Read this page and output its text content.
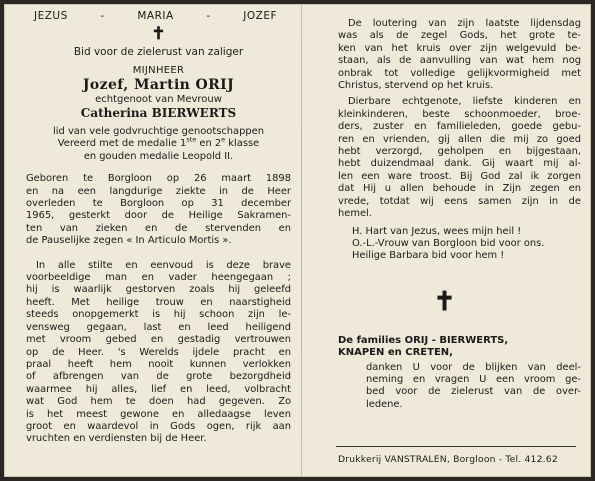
JEZUS	-	MARIA	-	JOZEF
✝
Bid voor de zielerust van zaliger
MIJNHEER
Jozef, Martin ORIJ
echtgenoot van Mevrouw
Catherina BIERWERTS
lid van vele godvruchtige genootschappen
Vereerd met de medalie 1ste en 2e klasse
en gouden medalie Leopold II.
Geboren te Borgloon op 26 maart 1898
en na een langdurige ziekte in de Heer
overleden te Borgloon op 31 december
1965, gesterkt door de Heilige Sakramen-
ten van zieken en de stervenden en
de Pauselijke zegen « In Articulo Mortis ».
In alle stilte en eenvoud is deze brave
voorbeeldige man en vader heengegaan ;
hij is waarlijk gestorven zoals hij geleefd
heeft. Met heilige trouw en naarstigheid
steeds onopgemerkt is hij schoon zijn le-
vensweg gegaan, last en leed heiligend
met vroom gebed en gestadig vertrouwen
op de Heer. 's Werelds ijdele pracht en
praal heeft hem nooit kunnen verlokken
of afbrengen van de grote bezorgdheid
waarmee hij alles, lief en leed, volbracht
wat God hem te doen had gegeven. Zo
is het meest gewone en alledaagse leven
groot en waardevol in Gods ogen, rijk aan
vruchten en verdiensten bij de Heer.
De loutering van zijn laatste lijdensdag
was als de zegel Gods, het grote te-
ken van het kruis over zijn welgevuld be-
staan, als de aanvulling van wat hem nog
onbrak tot volledige gelijkvormigheid met
Christus, stervend op het kruis.
Dierbare echtgenote, liefste kinderen en
kleinkinderen, beste schoonmoeder, broe-
ders, zuster en familieleden, goede gebu-
ren en vrienden, gij allen die mij zo goed
hebt verzorgd, geholpen en bijgestaan,
hebt duizendmaal dank. Gij waart mij al-
len een ware troost. Bij God zal ik zorgen
dat Hij u allen behoude in Zijn zegen en
vrede, totdat wij eens samen zijn in de
hemel.
H. Hart van Jezus, wees mijn heil !
O.-L.-Vrouw van Borgloon bid voor ons.
Heilige Barbara bid voor hem !
✝
De families ORIJ - BIERWERTS,
KNAPEN en CRETEN,
danken U voor de blijken van deel-
neming en vragen U een vroom ge-
bed voor de zielerust van de over-
ledene.
Drukkerij VANSTRALEN, Borgloon - Tel. 412.62
